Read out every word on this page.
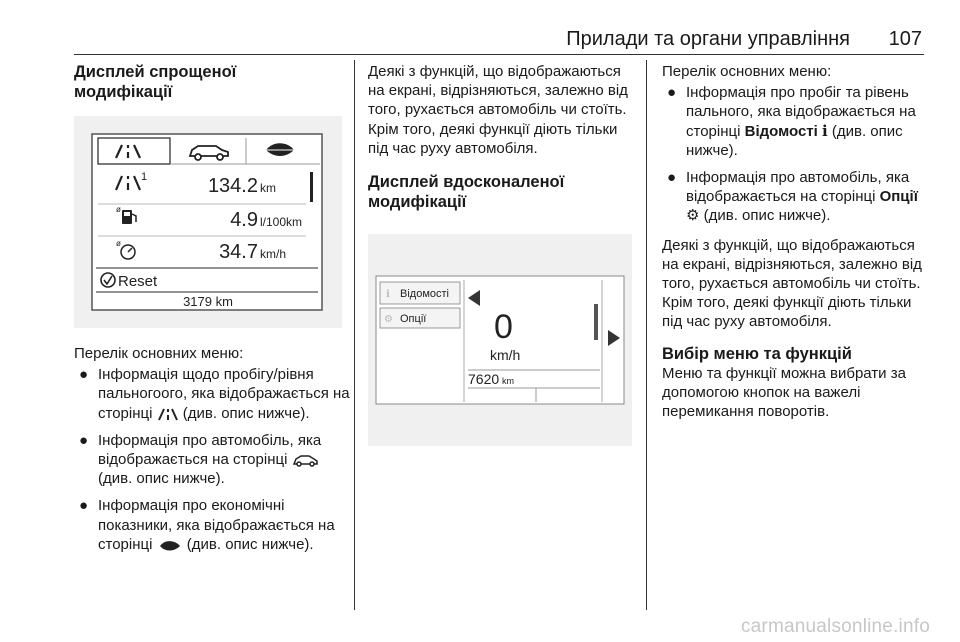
Прилади та органи управління 107
Дисплей спрощеної модифікації
1	134.2 km
ø	4.9 l/100km
ø	34.7 km/h
Reset
3179 km

Перелік основних меню:

● Інформація щодо пробігу/рівня пальногоого, яка відображається на сторінці (див. опис нижче).
● Інформація про автомобіль, яка відображається на сторінці  (див. опис нижче).
● Інформація про економічні показники, яка відображається на сторінці (див. опис нижче).

Деякі з функцій, що відображаються на екрані, відрізняються, залежно від того, рухається автомобіль чи стоїть. Крім того, деякі функції діють тільки під час руху автомобіля.

Дисплей вдосконаленої модифікації
ℹ Відомості
⚙ Опції 0
km/h
7620 km

Перелік основних меню:

● Інформація про пробіг та рівень пального, яка відображається на сторінці Відомості i (див. опис нижче).
● Інформація про автомобіль, яка відображається на сторінці Опції ⚙ (див. опис нижче).

Деякі з функцій, що відображаються на екрані, відрізняються, залежно від того, рухається автомобіль чи стоїть. Крім того, деякі функції діють тільки під час руху автомобіля.

Вибір меню та функцій

Меню та функції можна вибрати за допомогою кнопок на важелі перемикання поворотів.

carmanualsonline.info
